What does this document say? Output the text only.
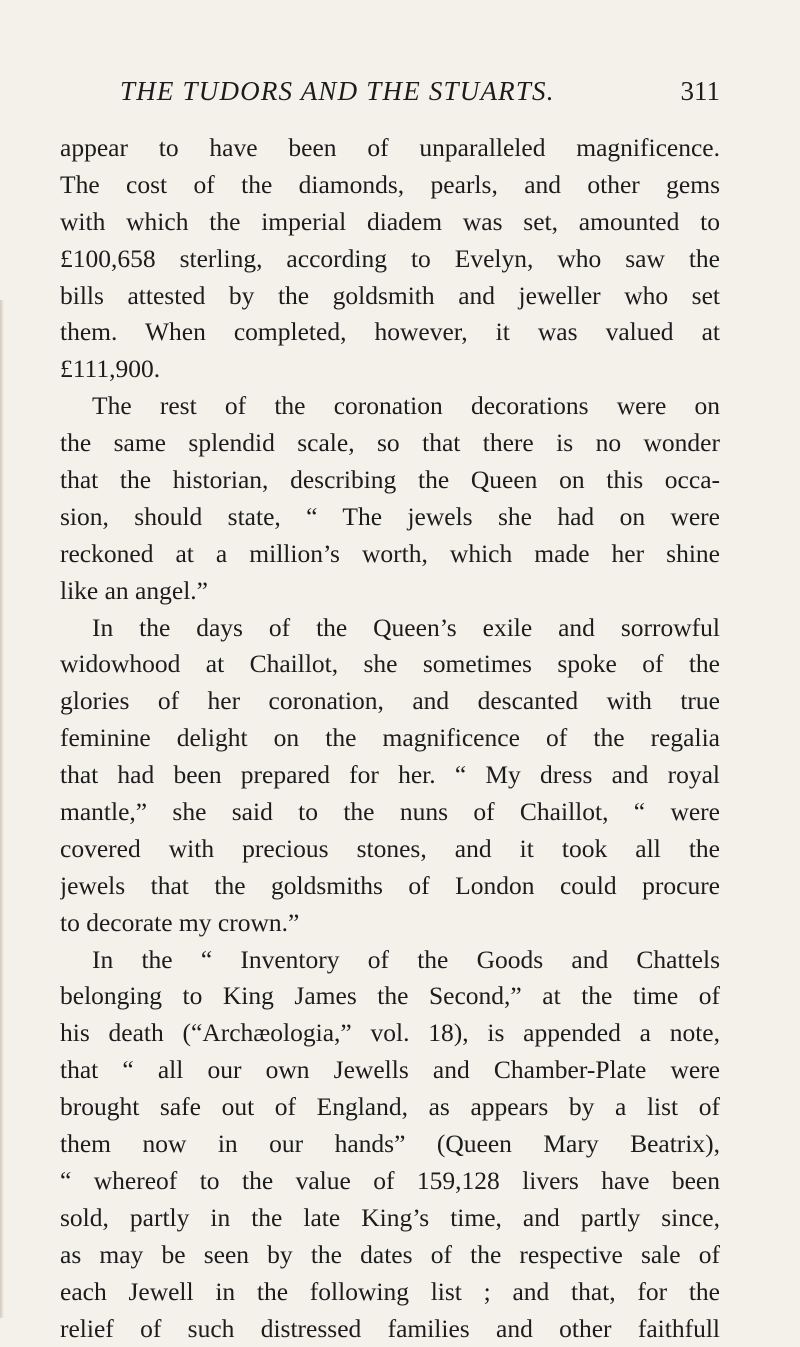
THE TUDORS AND THE STUARTS.	311
appear to have been of unparalleled magnificence.
The cost of the diamonds, pearls, and other gems
with which the imperial diadem was set, amounted to
£100,658 sterling, according to Evelyn, who saw the
bills attested by the goldsmith and jeweller who set
them. When completed, however, it was valued at
£111,900.
The rest of the coronation decorations were on
the same splendid scale, so that there is no wonder
that the historian, describing the Queen on this occa-
sion, should state, “ The jewels she had on were
reckoned at a million’s worth, which made her shine
like an angel.”
In the days of the Queen’s exile and sorrowful
widowhood at Chaillot, she sometimes spoke of the
glories of her coronation, and descanted with true
feminine delight on the magnificence of the regalia
that had been prepared for her. “ My dress and royal
mantle,” she said to the nuns of Chaillot, “ were
covered with precious stones, and it took all the
jewels that the goldsmiths of London could procure
to decorate my crown.”
In the “ Inventory of the Goods and Chattels
belonging to King James the Second,” at the time of
his death (“Archæologia,” vol. 18), is appended a note,
that “ all our own Jewells and Chamber-Plate were
brought safe out of England, as appears by a list of
them now in our hands” (Queen Mary Beatrix),
“ whereof to the value of 159,128 livers have been
sold, partly in the late King’s time, and partly since,
as may be seen by the dates of the respective sale of
each Jewell in the following list ; and that, for the
relief of such distressed families and other faithfull
